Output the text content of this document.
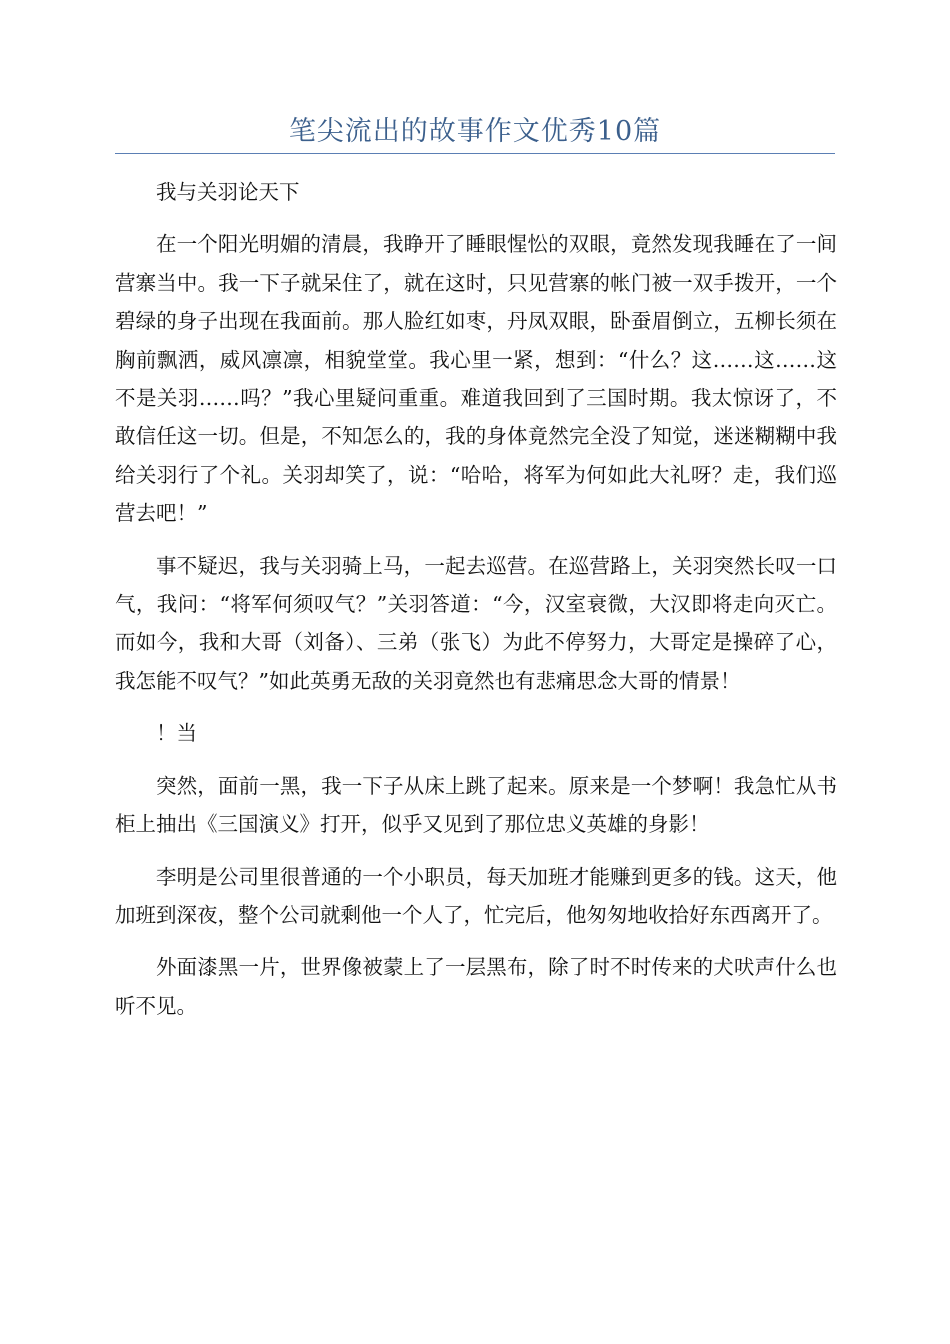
笔尖流出的故事作文优秀10篇

我与关羽论天下

在一个阳光明媚的清晨，我睁开了睡眼惺忪的双眼，竟然发现我睡在了一间营寨当中。我一下子就呆住了，就在这时，只见营寨的帐门被一双手拨开，一个碧绿的身子出现在我面前。那人脸红如枣，丹凤双眼，卧蚕眉倒立，五柳长须在胸前飘洒，威风凛凛，相貌堂堂。我心里一紧，想到：“什么？这……这……这不是关羽……吗？”我心里疑问重重。难道我回到了三国时期。我太惊讶了，不敢信任这一切。但是，不知怎么的，我的身体竟然完全没了知觉，迷迷糊糊中我给关羽行了个礼。关羽却笑了，说：“哈哈，将军为何如此大礼呀？走，我们巡营去吧！”

事不疑迟，我与关羽骑上马，一起去巡营。在巡营路上，关羽突然长叹一口气，我问：“将军何须叹气？”关羽答道：“今，汉室衰微，大汉即将走向灭亡。而如今，我和大哥（刘备）、三弟（张飞）为此不停努力，大哥定是操碎了心，我怎能不叹气？”如此英勇无敌的关羽竟然也有悲痛思念大哥的情景！

！当

突然，面前一黑，我一下子从床上跳了起来。原来是一个梦啊！我急忙从书柜上抽出《三国演义》打开，似乎又见到了那位忠义英雄的身影！

李明是公司里很普通的一个小职员，每天加班才能赚到更多的钱。这天，他加班到深夜，整个公司就剩他一个人了，忙完后，他匆匆地收拾好东西离开了。

外面漆黑一片，世界像被蒙上了一层黑布，除了时不时传来的犬吠声什么也听不见。
